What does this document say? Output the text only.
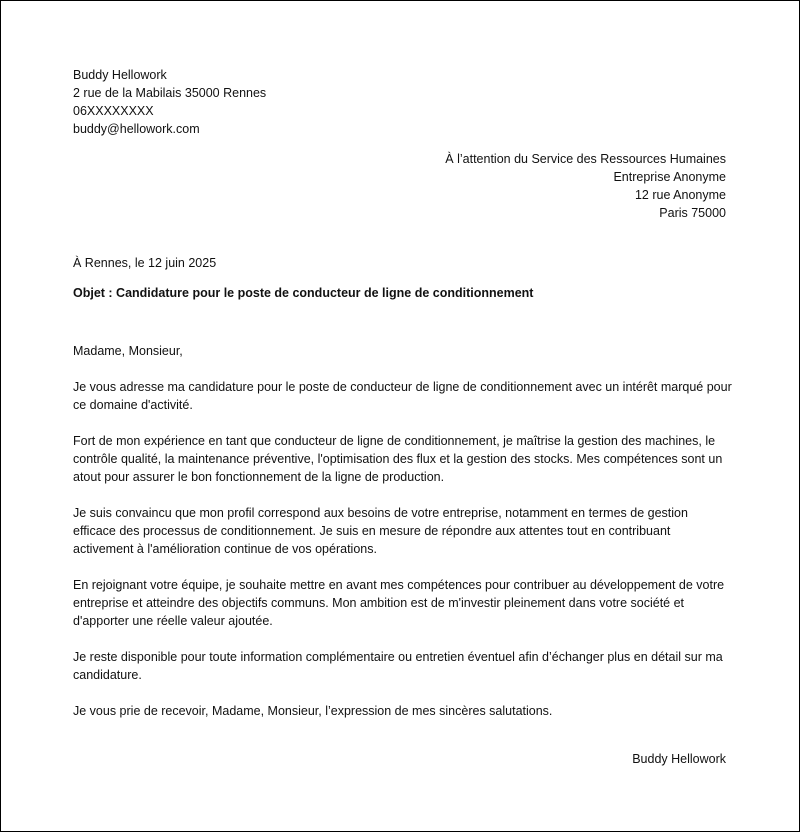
Buddy Hellowork
2 rue de la Mabilais 35000 Rennes
06XXXXXXXX
buddy@hellowork.com
À l’attention du Service des Ressources Humaines
Entreprise Anonyme
12 rue Anonyme
Paris 75000
À Rennes, le 12 juin 2025
Objet : Candidature pour le poste de conducteur de ligne de conditionnement

Madame, Monsieur,

Je vous adresse ma candidature pour le poste de conducteur de ligne de conditionnement avec un intérêt marqué pour ce domaine d'activité.

Fort de mon expérience en tant que conducteur de ligne de conditionnement, je maîtrise la gestion des machines, le contrôle qualité, la maintenance préventive, l'optimisation des flux et la gestion des stocks. Mes compétences sont un atout pour assurer le bon fonctionnement de la ligne de production.

Je suis convaincu que mon profil correspond aux besoins de votre entreprise, notamment en termes de gestion efficace des processus de conditionnement. Je suis en mesure de répondre aux attentes tout en contribuant activement à l'amélioration continue de vos opérations.

En rejoignant votre équipe, je souhaite mettre en avant mes compétences pour contribuer au développement de votre entreprise et atteindre des objectifs communs. Mon ambition est de m'investir pleinement dans votre société et d'apporter une réelle valeur ajoutée.

Je reste disponible pour toute information complémentaire ou entretien éventuel afin d’échanger plus en détail sur ma candidature.

Je vous prie de recevoir, Madame, Monsieur, l’expression de mes sincères salutations.

Buddy Hellowork
